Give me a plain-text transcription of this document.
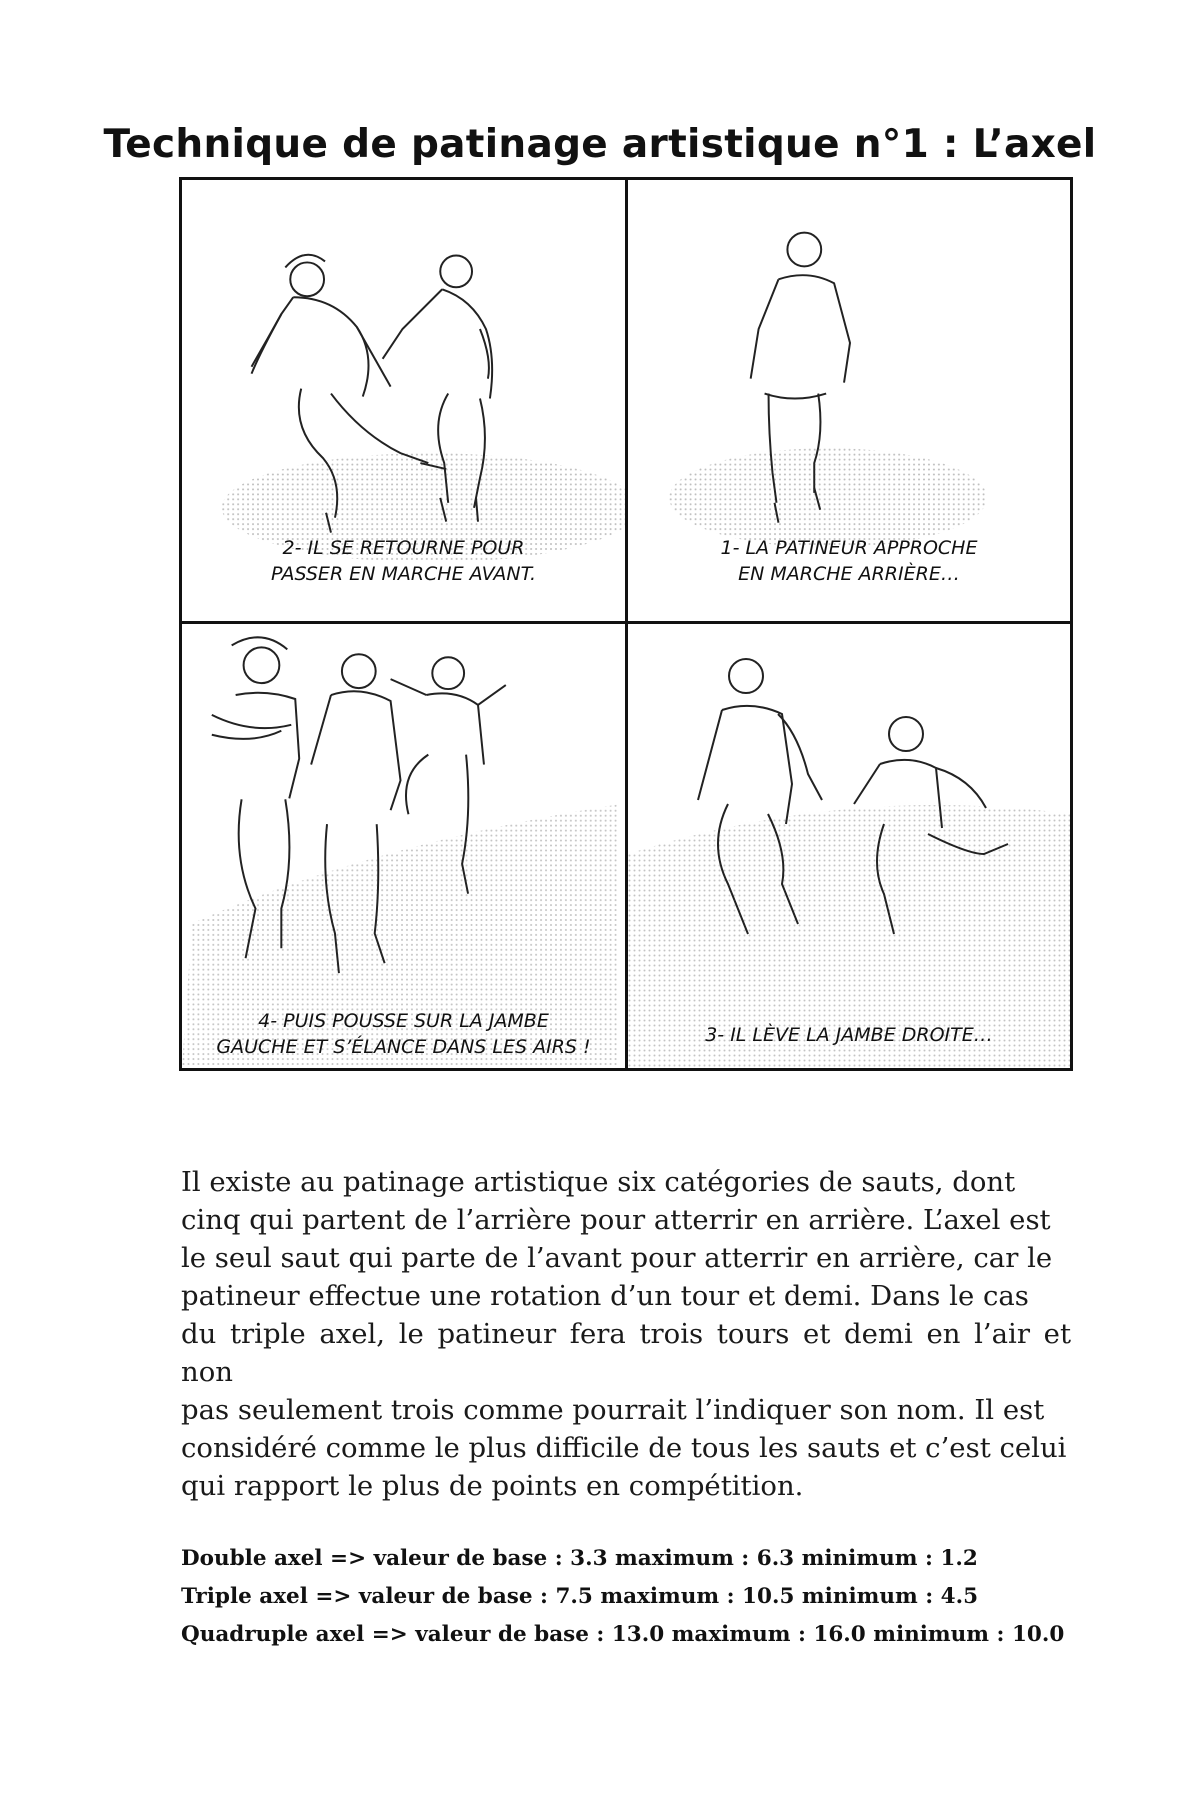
Technique de patinage artistique n°1 : L’axel
2- IL SE RETOURNE POUR
PASSER EN MARCHE AVANT.
1- LA PATINEUR APPROCHE
EN MARCHE ARRIÈRE…
4- PUIS POUSSE SUR LA JAMBE
GAUCHE ET S’ÉLANCE DANS LES AIRS !
3- IL LÈVE LA JAMBE DROITE…
Il existe au patinage artistique six catégories de sauts, dont
cinq qui partent de l’arrière pour atterrir en arrière. L’axel est
le seul saut qui parte de l’avant pour atterrir en arrière, car le
patineur effectue une rotation d’un tour et demi. Dans le cas
du triple axel, le patineur fera trois tours et demi en l’air et non
pas seulement trois comme pourrait l’indiquer son nom. Il est
considéré comme le plus difficile de tous les sauts et c’est celui
qui rapport le plus de points en compétition.
Double axel => valeur de base : 3.3 maximum : 6.3 minimum : 1.2
Triple axel => valeur de base : 7.5 maximum : 10.5 minimum : 4.5
Quadruple axel => valeur de base : 13.0 maximum : 16.0 minimum : 10.0
